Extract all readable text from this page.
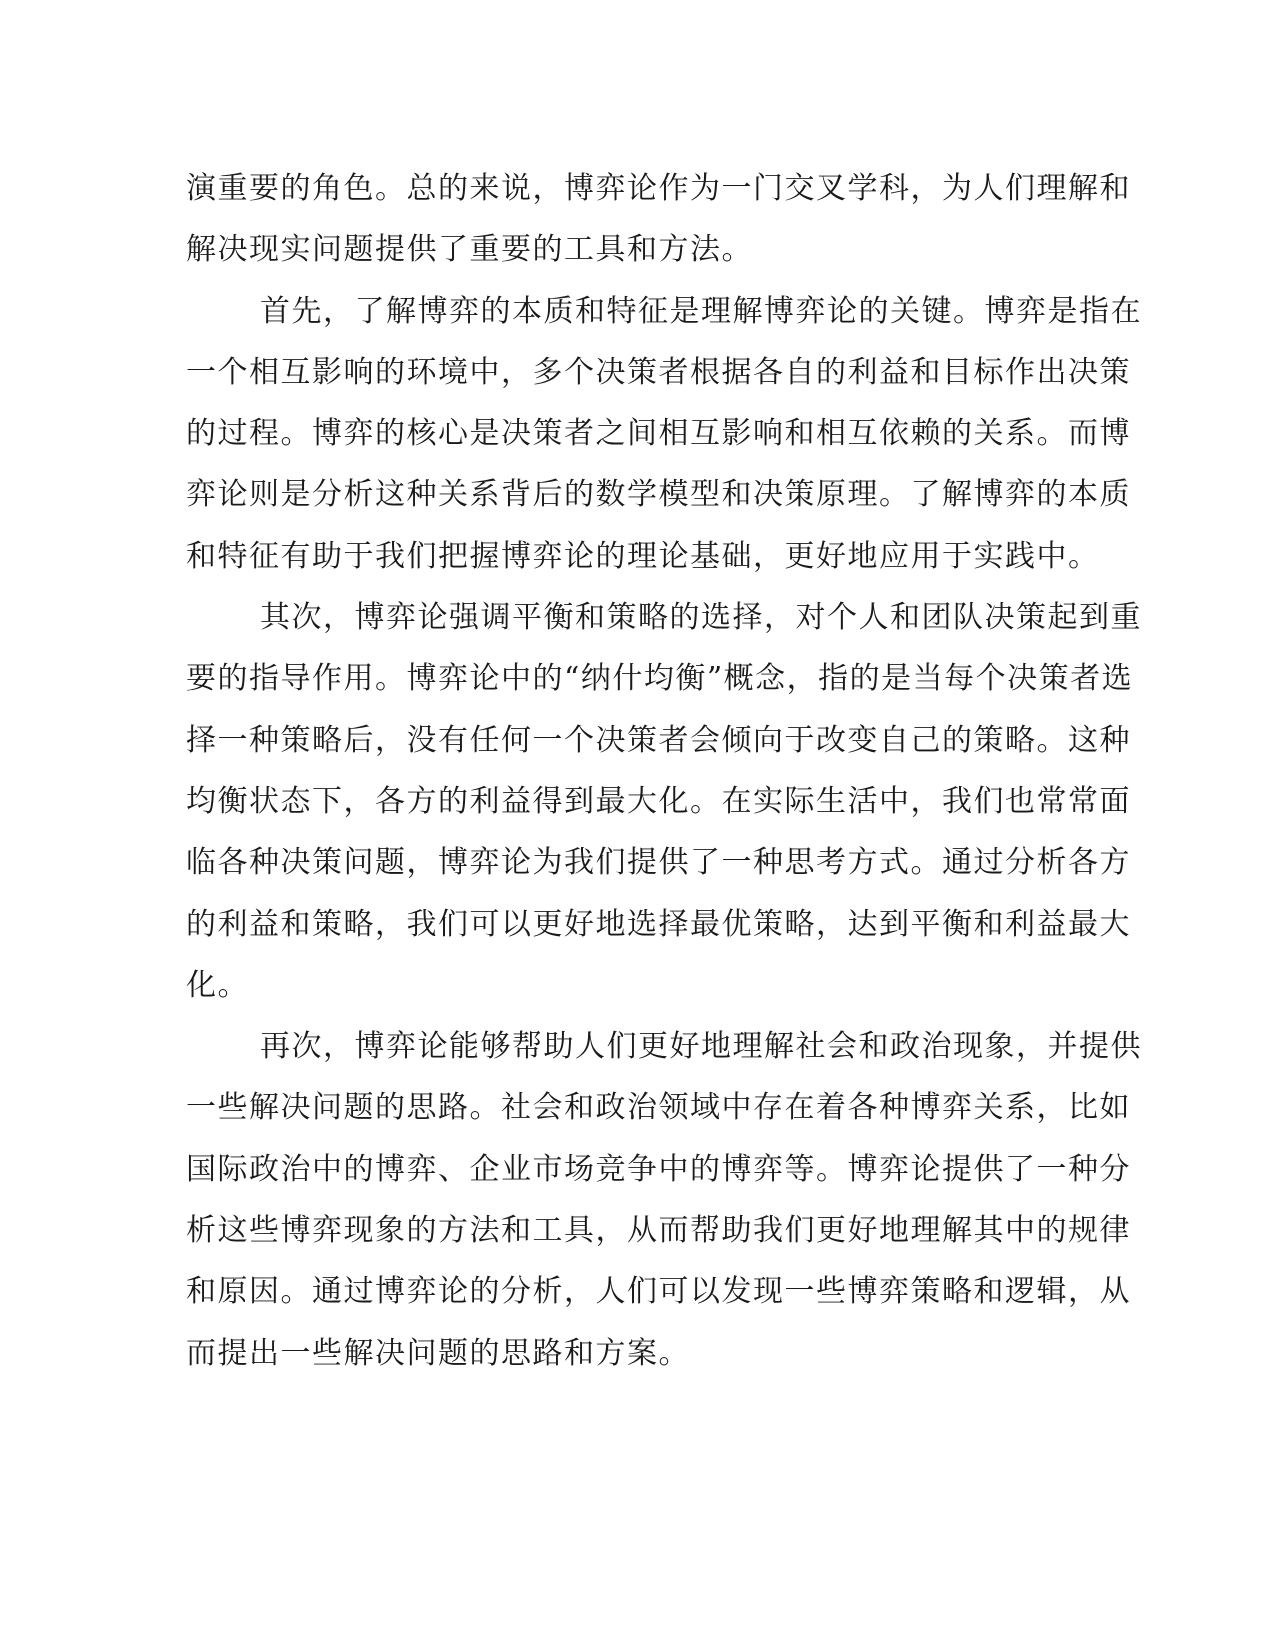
演重要的角色。总的来说，博弈论作为一门交叉学科，为人们理解和
解决现实问题提供了重要的工具和方法。
首先，了解博弈的本质和特征是理解博弈论的关键。博弈是指在
一个相互影响的环境中，多个决策者根据各自的利益和目标作出决策
的过程。博弈的核心是决策者之间相互影响和相互依赖的关系。而博
弈论则是分析这种关系背后的数学模型和决策原理。了解博弈的本质
和特征有助于我们把握博弈论的理论基础，更好地应用于实践中。
其次，博弈论强调平衡和策略的选择，对个人和团队决策起到重
要的指导作用。博弈论中的“纳什均衡”概念，指的是当每个决策者选
择一种策略后，没有任何一个决策者会倾向于改变自己的策略。这种
均衡状态下，各方的利益得到最大化。在实际生活中，我们也常常面
临各种决策问题，博弈论为我们提供了一种思考方式。通过分析各方
的利益和策略，我们可以更好地选择最优策略，达到平衡和利益最大
化。
再次，博弈论能够帮助人们更好地理解社会和政治现象，并提供
一些解决问题的思路。社会和政治领域中存在着各种博弈关系，比如
国际政治中的博弈、企业市场竞争中的博弈等。博弈论提供了一种分
析这些博弈现象的方法和工具，从而帮助我们更好地理解其中的规律
和原因。通过博弈论的分析，人们可以发现一些博弈策略和逻辑，从
而提出一些解决问题的思路和方案。
